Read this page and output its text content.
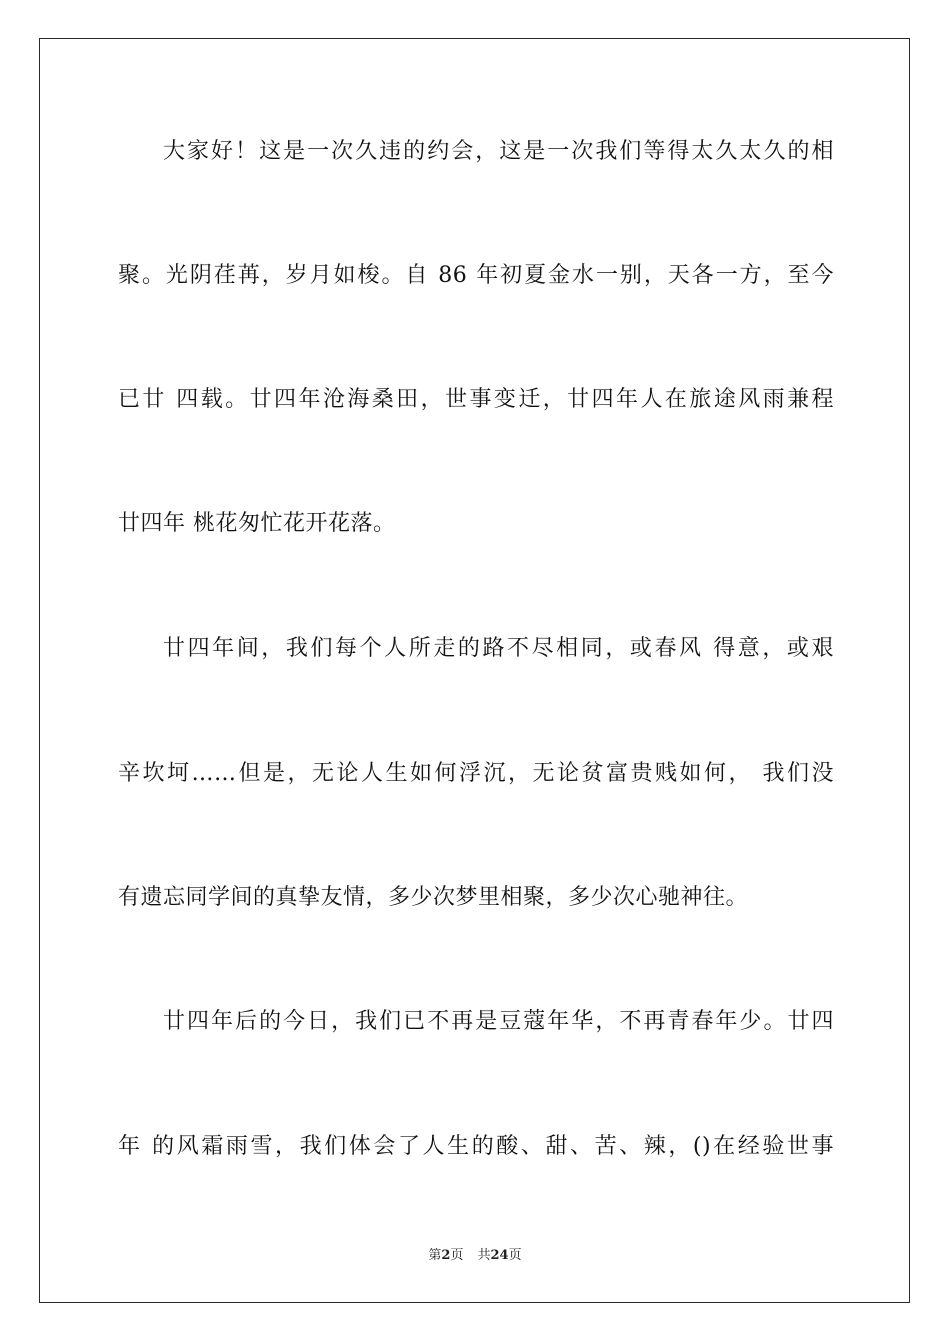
大家好！这是一次久违的约会，这是一次我们等得太久太久的相
聚。光阴荏苒，岁月如梭。自 86 年初夏金水一别，天各一方，至今
已廿 四载。廿四年沧海桑田，世事变迁，廿四年人在旅途风雨兼程
廿四年 桃花匆忙花开花落。
廿四年间，我们每个人所走的路不尽相同，或春风 得意，或艰
辛坎坷……但是，无论人生如何浮沉，无论贫富贵贱如何， 我们没
有遗忘同学间的真挚友情，多少次梦里相聚，多少次心驰神往。
廿四年后的今日，我们已不再是豆蔻年华，不再青春年少。廿四
年 的风霜雨雪，我们体会了人生的酸、甜、苦、辣，()在经验世事
第2页 共24页
